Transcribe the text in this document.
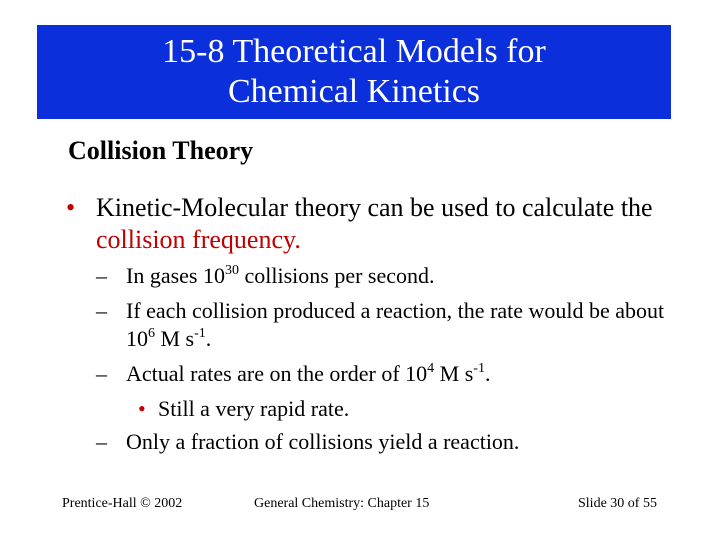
15-8 Theoretical Models for
Chemical Kinetics
Collision Theory
• Kinetic-Molecular theory can be used to calculate the collision frequency.
– In gases $10^{30}$ collisions per second.
– If each collision produced a reaction, the rate would be about $10^6$ M $s^{-1}$.
– Actual rates are on the order of $10^4$ M $s^{-1}$.
• Still a very rapid rate.
– Only a fraction of collisions yield a reaction.
Prentice-Hall © 2002	General Chemistry: Chapter 15	Slide 30 of 55
